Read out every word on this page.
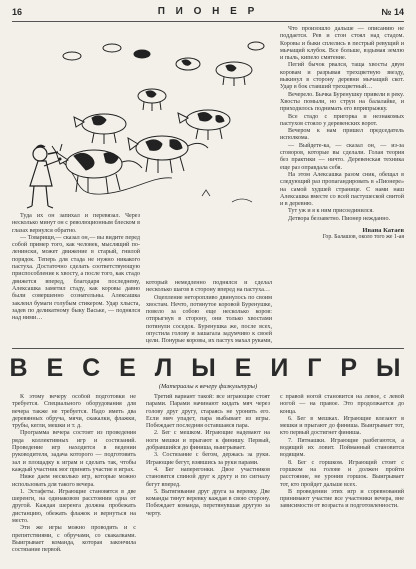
16	П И О Н Е Р	№ 14

Туда их он запихал и перевязал. Через несколько минут он с революционным блеском в глазах вернулся обратно.

— Товарищи,— сказал он,— вы видите перед собой пример того, как человек, мыслящий по-ленински, может движение в старый, гнилой порядок. Теперь для стада не нужно никакого пастуха. Достаточно сделать соответствующую приспособление к хвосту, а после того, как стадо движется вперед, благодаря последнему, Алексашка заметил стаду, как коровы давно были совершенно сознательны. Алексашка заклеил бумаги голубым стикером. Удар хлыста, задев по деликатному быку Ваське, — поднялся над ними…

который немедленно поднялся и сделал несколько шагов в сторону вперед на пастуха…

Оцепление неторопливо двинулось по своим хвостам. Нечто, потянутое коровой Буренушке, повело за собою еще несколько коров: отпрыгнув в сторону, они только хвостами потянули соседок. Буренушка же, после всех, опустила голову и зашагала задумчиво к своей цели. Понурые коровы, их пастух махал руками,

Что произошло дальше — описанию не поддается. Рев и стон стоял над стадом. Коровы и быки сплелись в пестрый ревущий и мычащий клубок. Все больше, вздымая землю и пыль, кипело смятение.

Пегий бычок рвался, таща хвосты двум коровам и разрывая трехцветную звезду, выкинул в сторону деревни мычащий скот. Удар в бок ставший трехцветный…

Вечерело. Бычка Буренушку привели в реку. Хвосты помыли, но струи на балалайке, и приходилось поднимать его вприпрыжку.

Все стадо с пригорка и незнакомых пастухов стояло у деревенских ворот.

Вечером к нам пришел председатель исполкома.

— Выйдете-ка, — сказал он, — из-за сговоров, которые вы сделали. Голая теория без практики — ничто. Деревенская техника еще раз оправдала себя.

На этом Алексашка разом сник, обещал в следующий раз пропагандировать в «Пионере» на самой худшей странице. С нами наш Алексашка вместе со всей пастушеской свитой и в деревню.

Тут уж и я к ним присоединился.

Детвора беззаветно. Пионер нежданно.

Иванa Катаев

Гор. Балашов, около того же 1-ая

В Е С Е Л Ы Е И Г Р Ы
(Материалы к вечеру физкультуры)

К этому вечеру особой подготовки не требуется. Специального оборудования для вечера также не требуется. Надо иметь два деревянных обруча, мячи, скакалки, флажки, трубы, кегли, мешки и т. д.

Программа вечера состоит из проведения ряда коллективных игр и состязаний. Проведение игр находится в ведении руководителя, задача которого — подготовить зал и площадку к играм и сделать так, чтобы каждый участник мог принять участие в играх.

Ниже даем несколько игр, которые можно использовать для такого вечера.

1. Эстафеты. Играющие становятся в две шеренги, на одинаковом расстоянии одна от другой. Каждая шеренга должна пробежать дистанцию, обежать флажок и вернуться на место.

Эти же игры можно проводить и с препятствиями, с обручами, со скакалками. Выигрывает команда, которая закончила состязание первой.

Третий вариант такой: все играющие стоят парами. Парами начинают кидать мяч через голову друг другу, стараясь не уронить его. Если мяч упадет, пара выбывает из игры. Побеждает последняя оставшаяся пара.

2. Бег с мешком. Играющие надевают на ноги мешки и прыгают к финишу. Первый, добравшийся до финиша, выигрывает.

3. Состязание с бегом, держась за руки. Играющие бегут, взявшись за руки парами.

4. Бег наперегонки. Двое участников становятся спиной друг к другу и по сигналу бегут вперед.

5. Вытягивание друг друга за веревку. Две команды тянут веревку каждая в свою сторону. Побеждает команда, перетянувшая другую за черту.

с правой ногой становится на левое, с левой ногой — на правое. Это продолжается до конца.

6. Бег в мешках. Играющие влезают в мешки и прыгают до финиша. Выигрывает тот, кто первый достигнет финиша.

7. Пятнашки. Играющие разбегаются, а водящий их ловит. Пойманный становится водящим.

8. Бег с горшком. Играющий стоит с горшком на голове и должен пройти расстояние, не уронив горшок. Выигрывает тот, кто пройдет дальше всех.

В проведении этих игр и соревнований принимают участие все участники вечера, вне зависимости от возраста и подготовленности.
